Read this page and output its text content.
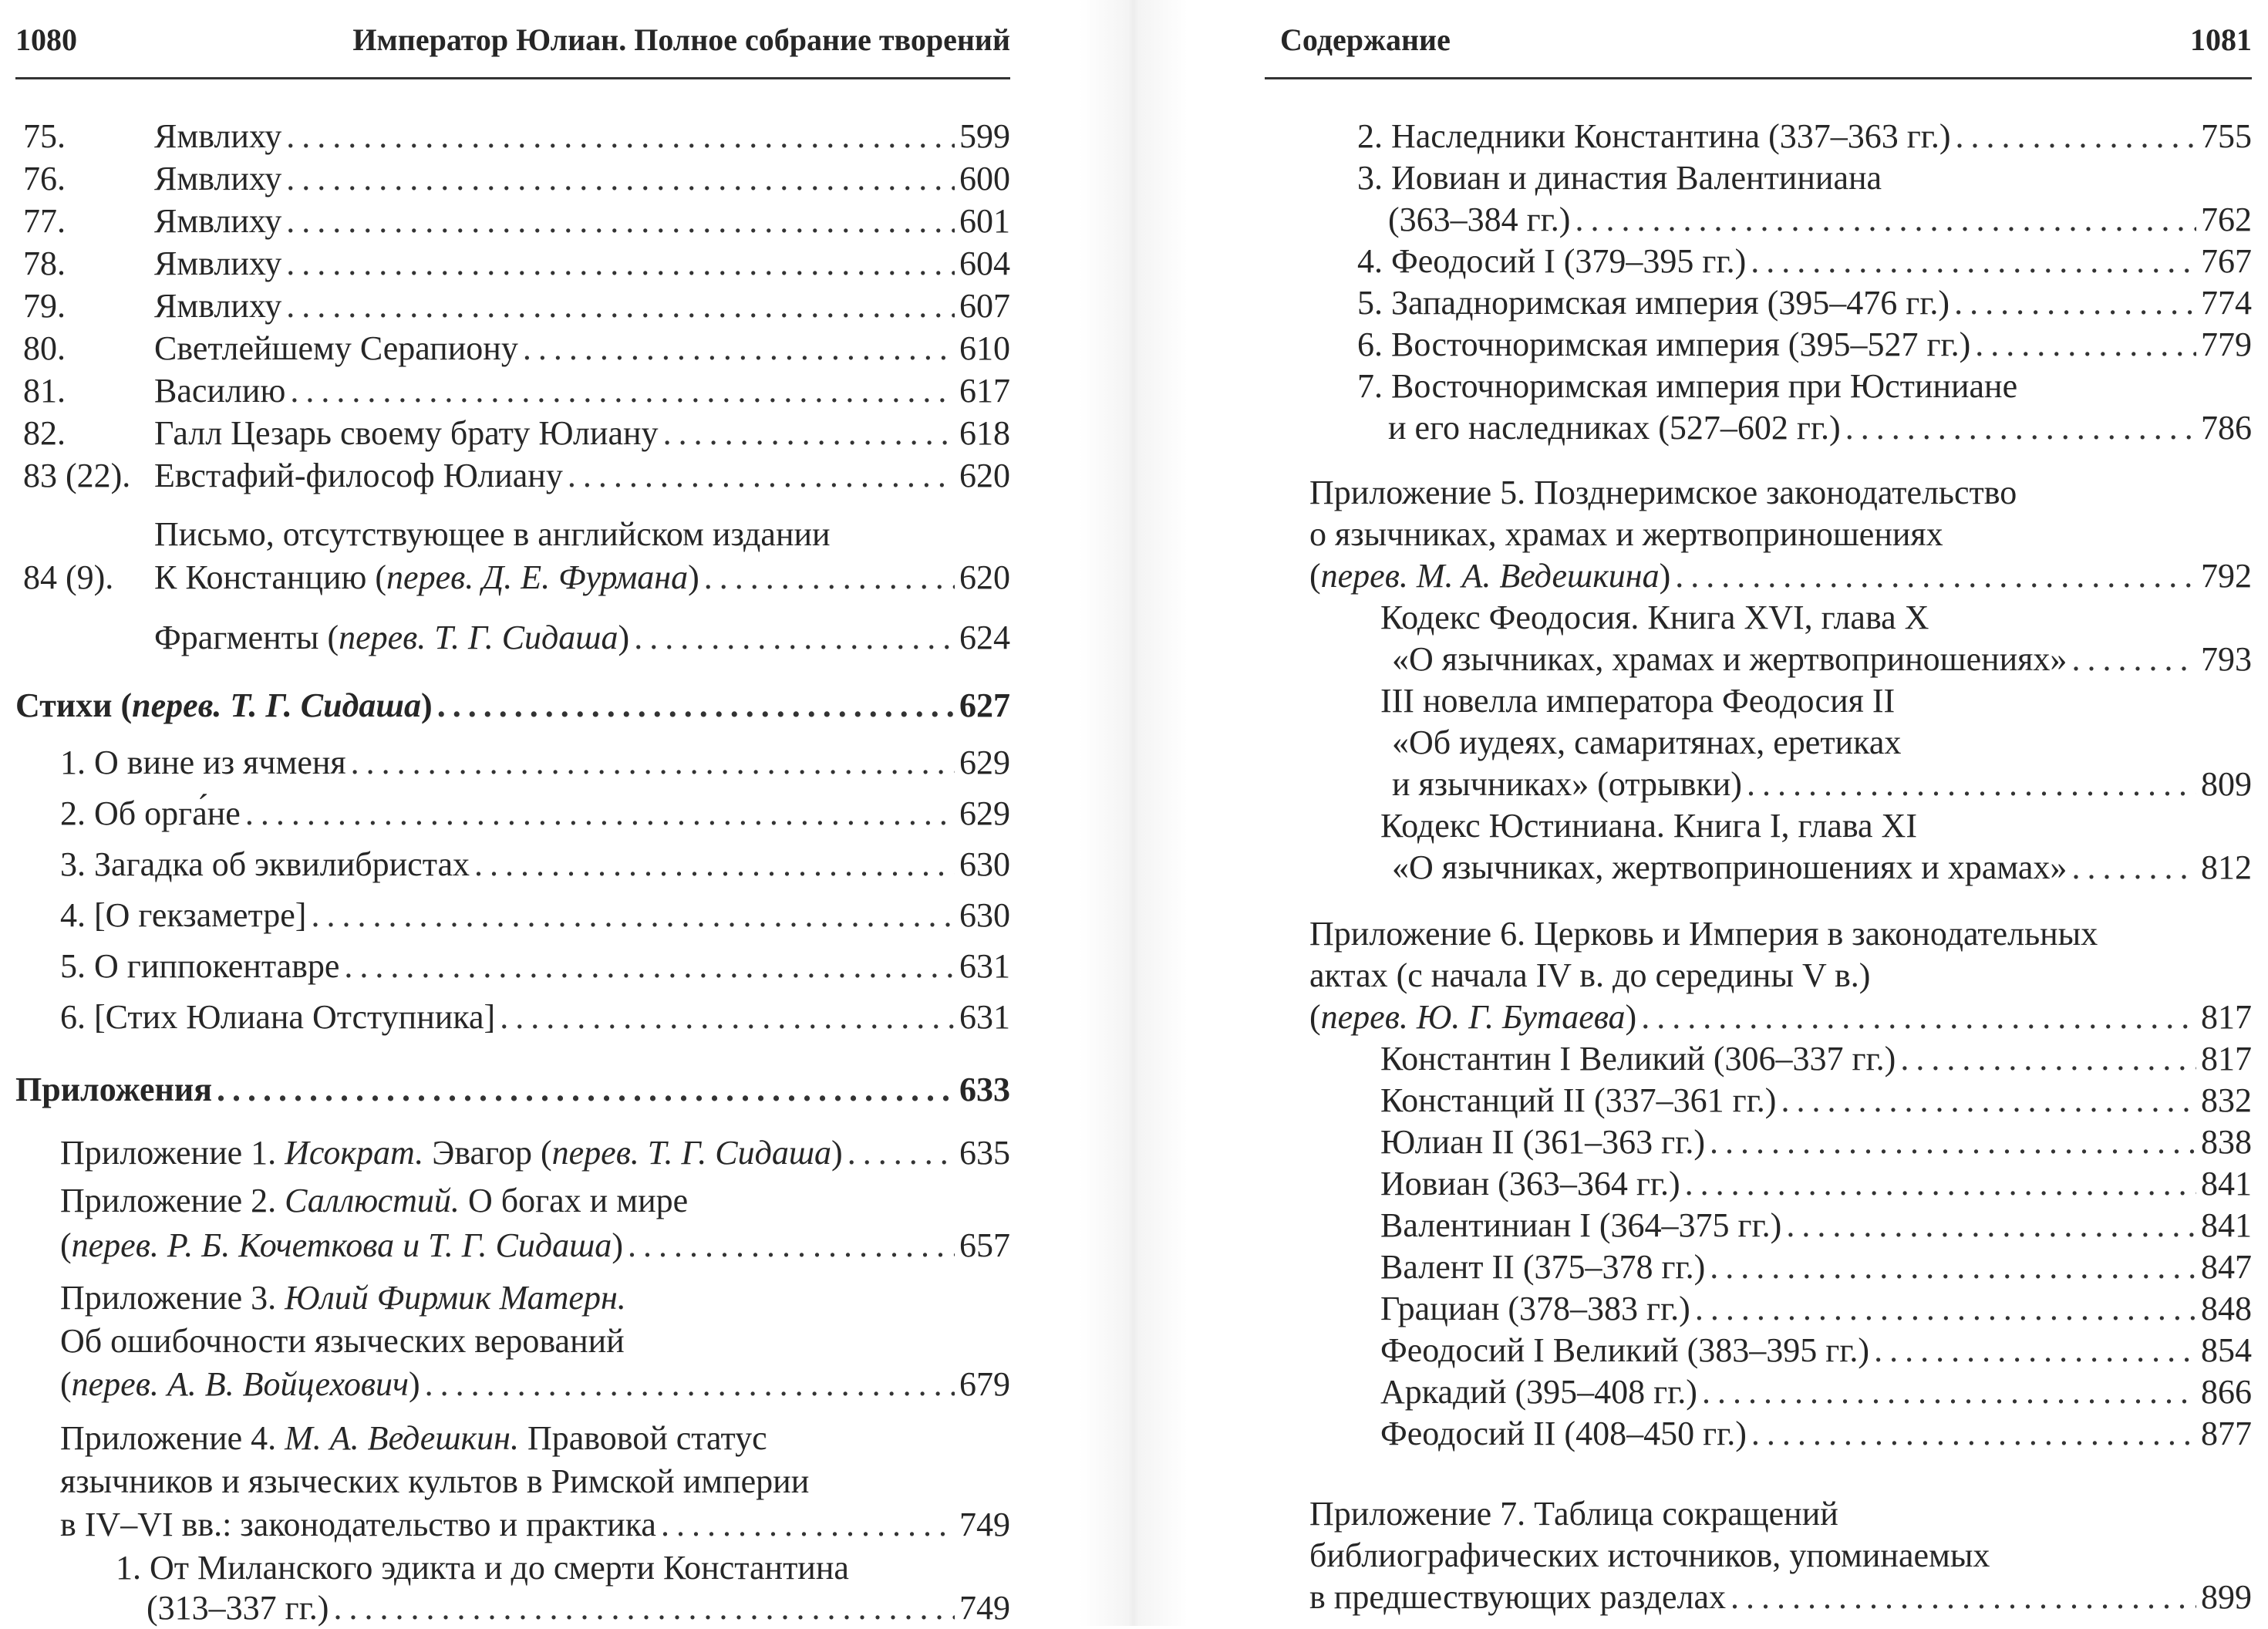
1080	Император Юлиан. Полное собрание творений
75.	Ямвлиху .....	599
76.	Ямвлиху .....	600
77.	Ямвлиху .....	601
78.	Ямвлиху .....	604
79.	Ямвлиху .....	607
80.	Светлейшему Серапиону .....	610
81.	Василию .....	617
82.	Галл Цезарь своему брату Юлиану .....	618
83 (22). Евстафий-философ Юлиану .....	620
Письмо, отсутствующее в английском издании
84 (9). К Констанцию (перев. Д. Е. Фурмана) .....	620
Фрагменты (перев. Т. Г. Сидаша) .....	624
Стихи (перев. Т. Г. Сидаша) .....	627
1. О вине из ячменя .....	629
2. Об орга́не .....	629
3. Загадка об эквилибристах .....	630
4. [О гекзаметре] .....	630
5. О гиппокентавре .....	631
6. [Стих Юлиана Отступника] .....	631
Приложения .....	633
Приложение 1. Исократ. Эвагор (перев. Т. Г. Сидаша) .....	635
Приложение 2. Саллюстий. О богах и мире
(перев. Р. Б. Кочеткова и Т. Г. Сидаша) .....	657
Приложение 3. Юлий Фирмик Матерн.
Об ошибочности языческих верований
(перев. А. В. Войцехович) .....	679
Приложение 4. М. А. Ведешкин. Правовой статус
язычников и языческих культов в Римской империи
в IV–VI вв.: законодательство и практика .....	749
1. От Миланского эдикта и до смерти Константина
(313–337 гг.) .....	749
Содержание	1081
2. Наследники Константина (337–363 гг.) .....	755
3. Иовиан и династия Валентиниана
(363–384 гг.) .....	762
4. Феодосий I (379–395 гг.) .....	767
5. Западноримская империя (395–476 гг.) .....	774
6. Восточноримская империя (395–527 гг.) .....	779
7. Восточноримская империя при Юстиниане
и его наследниках (527–602 гг.) .....	786
Приложение 5. Позднеримское законодательство
о язычниках, храмах и жертвоприношениях
(перев. М. А. Ведешкина) .....	792
Кодекс Феодосия. Книга XVI, глава X
«О язычниках, храмах и жертвоприношениях» .....	793
III новелла императора Феодосия II
«Об иудеях, самаритянах, еретиках
и язычниках» (отрывки) .....	809
Кодекс Юстиниана. Книга I, глава XI
«О язычниках, жертвоприношениях и храмах» .....	812
Приложение 6. Церковь и Империя в законодательных
актах (с начала IV в. до середины V в.)
(перев. Ю. Г. Бутаева) .....	817
Константин I Великий (306–337 гг.) .....	817
Констанций II (337–361 гг.) .....	832
Юлиан II (361–363 гг.) .....	838
Иовиан (363–364 гг.) .....	841
Валентиниан I (364–375 гг.) .....	841
Валент II (375–378 гг.) .....	847
Грациан (378–383 гг.) .....	848
Феодосий I Великий (383–395 гг.) .....	854
Аркадий (395–408 гг.) .....	866
Феодосий II (408–450 гг.) .....	877
Приложение 7. Таблица сокращений
библиографических источников, упоминаемых
в предшествующих разделах .....	899
